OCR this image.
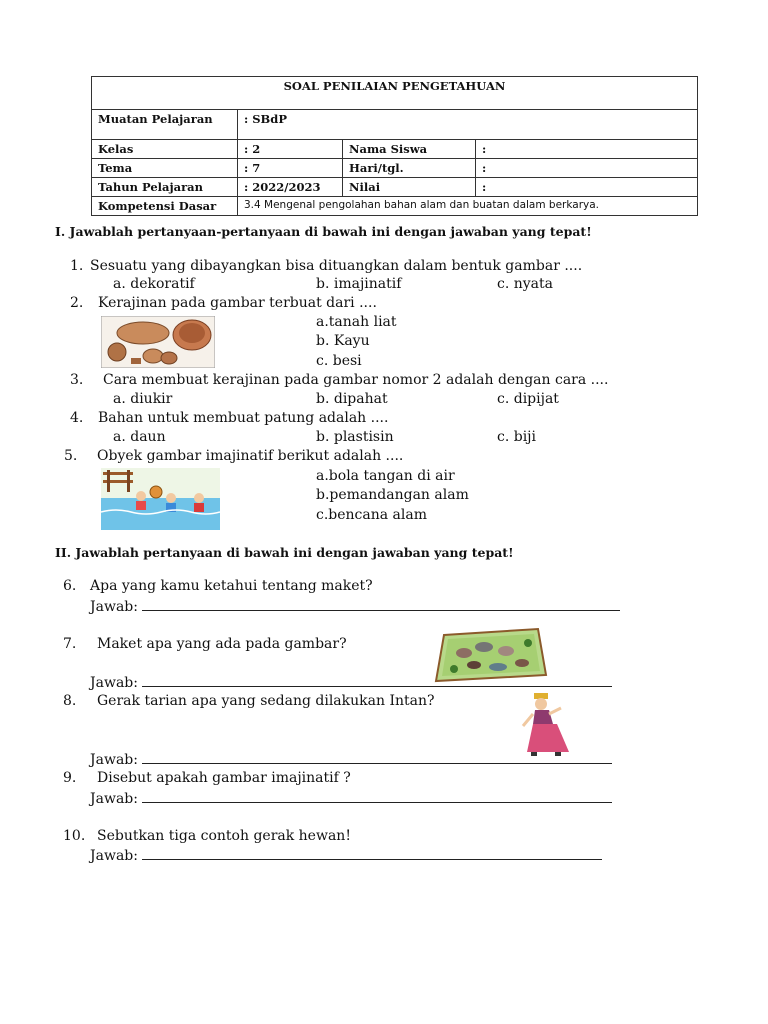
SOAL PENILAIAN PENGETAHUAN			
Muatan Pelajaran	: SBdP		
Kelas	: 2	Nama Siswa	:
Tema	: 7	Hari/tgl.	:
Tahun Pelajaran	: 2022/2023	Nilai	:
Kompetensi Dasar	3.4 Mengenal pengolahan bahan alam dan buatan dalam berkarya.		
I. Jawablah pertanyaan-pertanyaan di bawah ini dengan jawaban yang tepat!
1. Sesuatu yang dibayangkan bisa dituangkan dalam bentuk gambar ....
a. dekoratif	b. imajinatif	c. nyata
2. Kerajinan pada gambar terbuat dari ....
a.tanah liat
b. Kayu
c. besi
3. Cara membuat kerajinan pada gambar nomor 2 adalah dengan cara ....
a. diukir	b. dipahat	c. dipijat
4. Bahan untuk membuat patung adalah ....
a. daun	b. plastisin	c. biji
5. Obyek gambar imajinatif berikut adalah ....
a.bola tangan di air
b.pemandangan alam
c.bencana alam
II. Jawablah pertanyaan di bawah ini dengan jawaban yang tepat!
6. Apa yang kamu ketahui tentang maket?
Jawab:
7. Maket apa yang ada pada gambar?
Jawab:
8. Gerak tarian apa yang sedang dilakukan Intan?
Jawab:
9. Disebut apakah gambar imajinatif ?
Jawab:
10. Sebutkan tiga contoh gerak hewan!
Jawab:
